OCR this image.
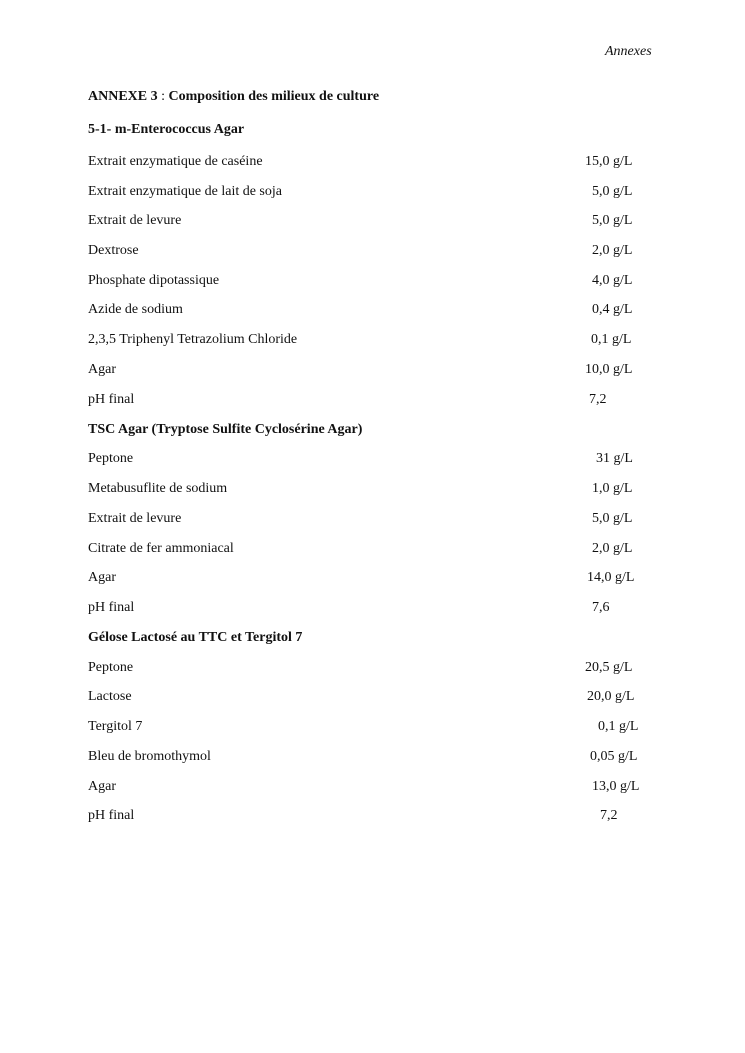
Annexes
ANNEXE 3 : Composition des milieux de culture
5-1- m-Enterococcus Agar
Extrait enzymatique de caséine	15,0 g/L
Extrait enzymatique de lait de soja	5,0 g/L
Extrait de levure	5,0 g/L
Dextrose	2,0 g/L
Phosphate dipotassique	4,0 g/L
Azide de sodium	0,4 g/L
2,3,5 Triphenyl Tetrazolium Chloride	0,1 g/L
Agar	10,0 g/L
pH final	7,2
TSC Agar (Tryptose Sulfite Cyclosérine Agar)
Peptone	31 g/L
Metabusuflite de sodium	1,0 g/L
Extrait de levure	5,0 g/L
Citrate de fer ammoniacal	2,0 g/L
Agar	14,0 g/L
pH final	7,6
Gélose Lactosé au TTC et Tergitol 7
Peptone	20,5 g/L
Lactose	20,0 g/L
Tergitol 7	0,1 g/L
Bleu de bromothymol	0,05 g/L
Agar	13,0 g/L
pH final	7,2
